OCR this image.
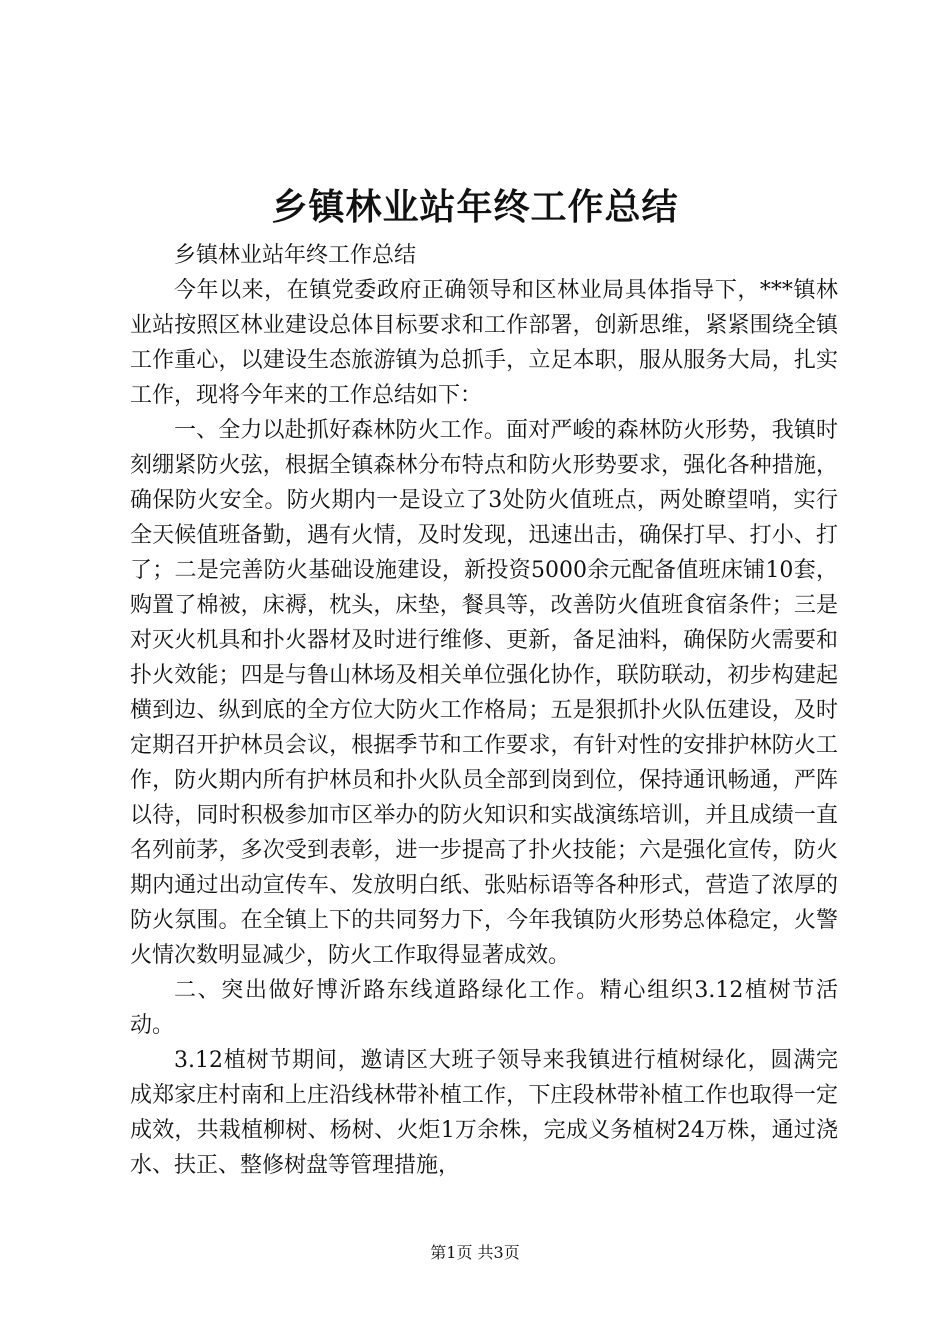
乡镇林业站年终工作总结

乡镇林业站年终工作总结

今年以来，在镇党委政府正确领导和区林业局具体指导下，***镇林业站按照区林业建设总体目标要求和工作部署，创新思维，紧紧围绕全镇工作重心，以建设生态旅游镇为总抓手，立足本职，服从服务大局，扎实工作，现将今年来的工作总结如下：

一、全力以赴抓好森林防火工作。面对严峻的森林防火形势，我镇时刻绷紧防火弦，根据全镇森林分布特点和防火形势要求，强化各种措施，确保防火安全。防火期内一是设立了3处防火值班点，两处瞭望哨，实行全天候值班备勤，遇有火情，及时发现，迅速出击，确保打早、打小、打了；二是完善防火基础设施建设，新投资5000余元配备值班床铺10套，购置了棉被，床褥，枕头，床垫，餐具等，改善防火值班食宿条件；三是对灭火机具和扑火器材及时进行维修、更新，备足油料，确保防火需要和扑火效能；四是与鲁山林场及相关单位强化协作，联防联动，初步构建起横到边、纵到底的全方位大防火工作格局；五是狠抓扑火队伍建设，及时定期召开护林员会议，根据季节和工作要求，有针对性的安排护林防火工作，防火期内所有护林员和扑火队员全部到岗到位，保持通讯畅通，严阵以待，同时积极参加市区举办的防火知识和实战演练培训，并且成绩一直名列前茅，多次受到表彰，进一步提高了扑火技能；六是强化宣传，防火期内通过出动宣传车、发放明白纸、张贴标语等各种形式，营造了浓厚的防火氛围。在全镇上下的共同努力下，今年我镇防火形势总体稳定，火警火情次数明显减少，防火工作取得显著成效。

二、突出做好博沂路东线道路绿化工作。精心组织3.12植树节活动。

3.12植树节期间，邀请区大班子领导来我镇进行植树绿化，圆满完成郑家庄村南和上庄沿线林带补植工作，下庄段林带补植工作也取得一定成效，共栽植柳树、杨树、火炬1万余株，完成义务植树24万株，通过浇水、扶正、整修树盘等管理措施，

第1页 共3页
